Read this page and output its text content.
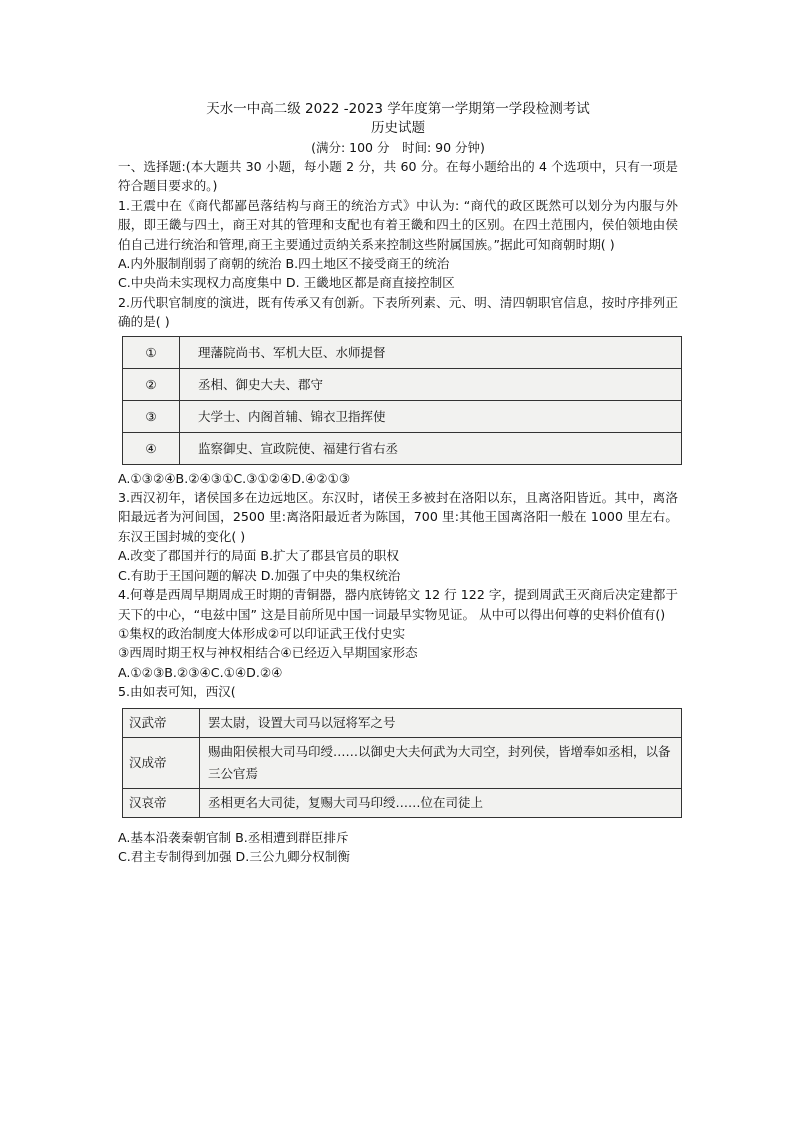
天水一中高二级 2022 -2023 学年度第一学期第一学段检测考试
历史试题
(满分: 100 分　时间: 90 分钟)

一、选择题:(本大题共 30 小题，每小题 2 分，共 60 分。在每小题给出的 4 个选项中，只有一项是符合题目要求的。)

1.王震中在《商代都鄙邑落结构与商王的统治方式》中认为: “商代的政区既然可以划分为内服与外服，即王畿与四土，商王对其的管理和支配也有着王畿和四土的区别。在四土范围内，侯伯领地由侯伯自己进行统治和管理,商王主要通过贡纳关系来控制这些附属国族。”据此可知商朝时期( )

A.内外服制削弱了商朝的统治 B.四土地区不接受商王的统治

C.中央尚未实现权力高度集中 D. 王畿地区都是商直接控制区

2.历代职官制度的演进，既有传承又有创新。下表所列素、元、明、清四朝职官信息，按时序排列正确的是( )

①	理藩院尚书、军机大臣、水师提督
②	丞相、御史大夫、郡守
③	大学士、内阁首辅、锦衣卫指挥使
④	监察御史、宣政院使、福建行省右丞

A.①③②④B.②④③①C.③①②④D.④②①③

3.西汉初年，诸侯国多在边远地区。东汉时，诸侯王多被封在洛阳以东，且离洛阳皆近。其中，离洛阳最远者为河间国，2500 里:离洛阳最近者为陈国，700 里:其他王国离洛阳一般在 1000 里左右。东汉王国封城的变化( )

A.改变了郡国并行的局面 B.扩大了郡县官员的职权

C.有助于王国问题的解决 D.加强了中央的集权统治

4.何尊是西周早期周成王时期的青铜器，器内底铸铭文 12 行 122 字，提到周武王灭商后决定建都于天下的中心，“电兹中国” 这是目前所见中国一词最早实物见证。 从中可以得出何尊的史料价值有()

①集权的政治制度大体形成②可以印证武王伐付史实

③西周时期王权与神权相结合④已经迈入早期国家形态

A.①②③B.②③④C.①④D.②④

5.由如表可知，西汉(

汉武帝	罢太尉，设置大司马以冠将军之号
汉成帝	赐曲阳侯根大司马印绶……以御史大夫何武为大司空，封列侯，皆增奉如丞相，以备三公官焉
汉哀帝	丞相更名大司徒，复赐大司马印绶……位在司徒上

A.基本沿袭秦朝官制 B.丞相遭到群臣排斥

C.君主专制得到加强 D.三公九卿分权制衡
